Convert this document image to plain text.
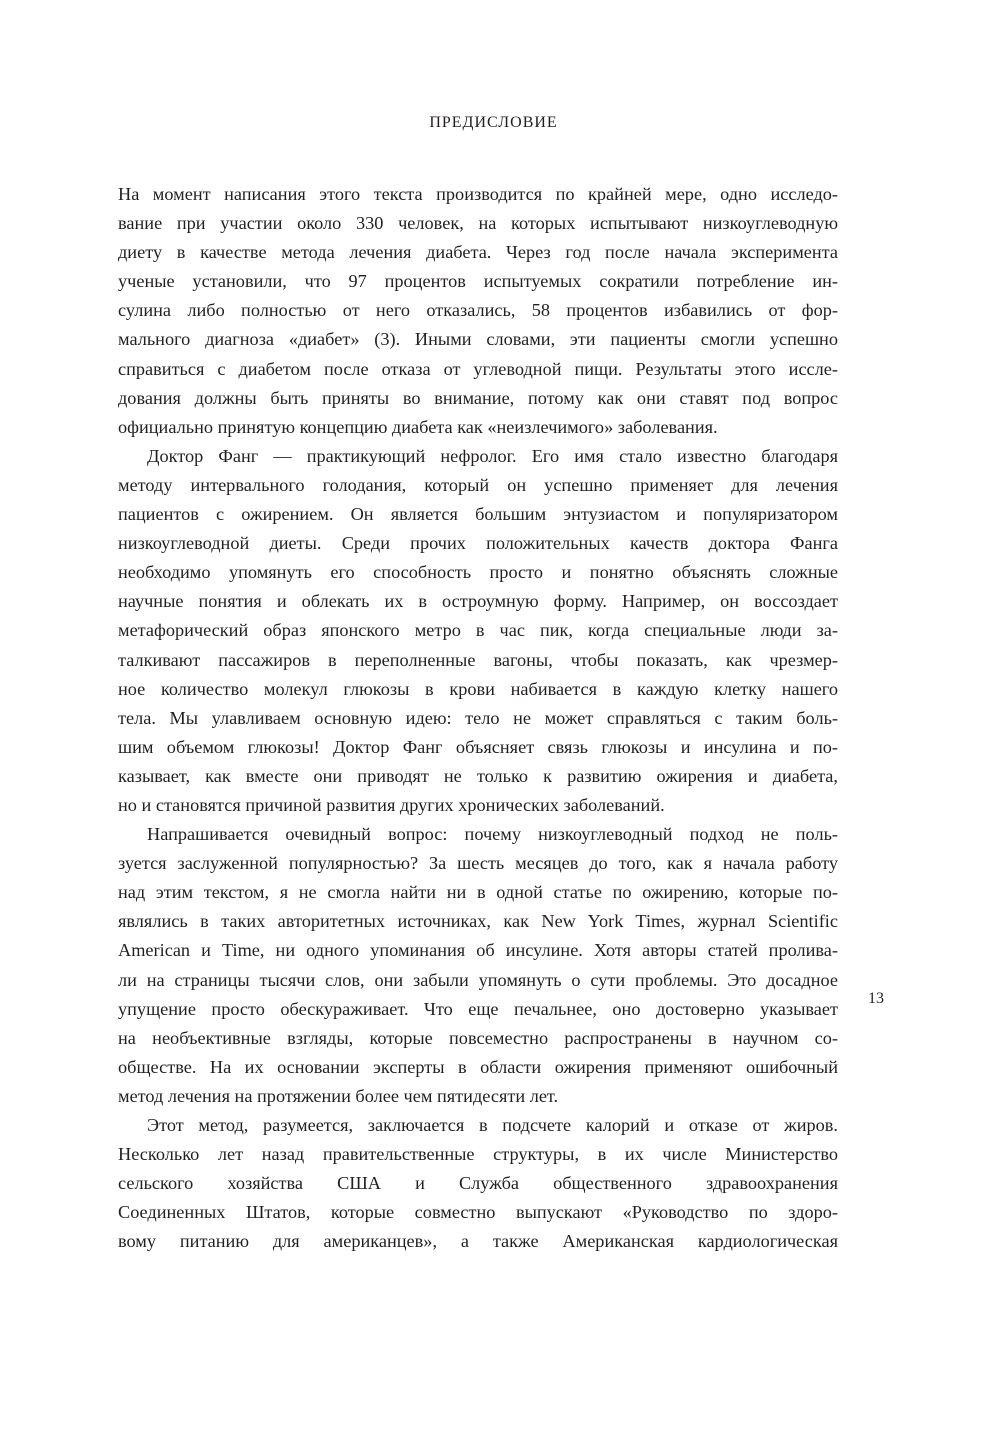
ПРЕДИСЛОВИЕ
На момент написания этого текста производится по крайней мере, одно исследо-
вание при участии около 330 человек, на которых испытывают низкоуглеводную
диету в качестве метода лечения диабета. Через год после начала эксперимента
ученые установили, что 97 процентов испытуемых сократили потребление ин-
сулина либо полностью от него отказались, 58 процентов избавились от фор-
мального диагноза «диабет» (3). Иными словами, эти пациенты смогли успешно
справиться с диабетом после отказа от углеводной пищи. Результаты этого иссле-
дования должны быть приняты во внимание, потому как они ставят под вопрос
официально принятую концепцию диабета как «неизлечимого» заболевания.
Доктор Фанг — практикующий нефролог. Его имя стало известно благодаря
методу интервального голодания, который он успешно применяет для лечения
пациентов с ожирением. Он является большим энтузиастом и популяризатором
низкоуглеводной диеты. Среди прочих положительных качеств доктора Фанга
необходимо упомянуть его способность просто и понятно объяснять сложные
научные понятия и облекать их в остроумную форму. Например, он воссоздает
метафорический образ японского метро в час пик, когда специальные люди за-
талкивают пассажиров в переполненные вагоны, чтобы показать, как чрезмер-
ное количество молекул глюкозы в крови набивается в каждую клетку нашего
тела. Мы улавливаем основную идею: тело не может справляться с таким боль-
шим объемом глюкозы! Доктор Фанг объясняет связь глюкозы и инсулина и по-
казывает, как вместе они приводят не только к развитию ожирения и диабета,
но и становятся причиной развития других хронических заболеваний.
Напрашивается очевидный вопрос: почему низкоуглеводный подход не поль-
зуется заслуженной популярностью? За шесть месяцев до того, как я начала работу
над этим текстом, я не смогла найти ни в одной статье по ожирению, которые по-
являлись в таких авторитетных источниках, как New York Times, журнал Scientific
American и Time, ни одного упоминания об инсулине. Хотя авторы статей пролива-
ли на страницы тысячи слов, они забыли упомянуть о сути проблемы. Это досадное
упущение просто обескураживает. Что еще печальнее, оно достоверно указывает
на необъективные взгляды, которые повсеместно распространены в научном со-
обществе. На их основании эксперты в области ожирения применяют ошибочный
метод лечения на протяжении более чем пятидесяти лет.
Этот метод, разумеется, заключается в подсчете калорий и отказе от жиров.
Несколько лет назад правительственные структуры, в их числе Министерство
сельского хозяйства США и Служба общественного здравоохранения
Соединенных Штатов, которые совместно выпускают «Руководство по здоро-
вому питанию для американцев», а также Американская кардиологическая
13
